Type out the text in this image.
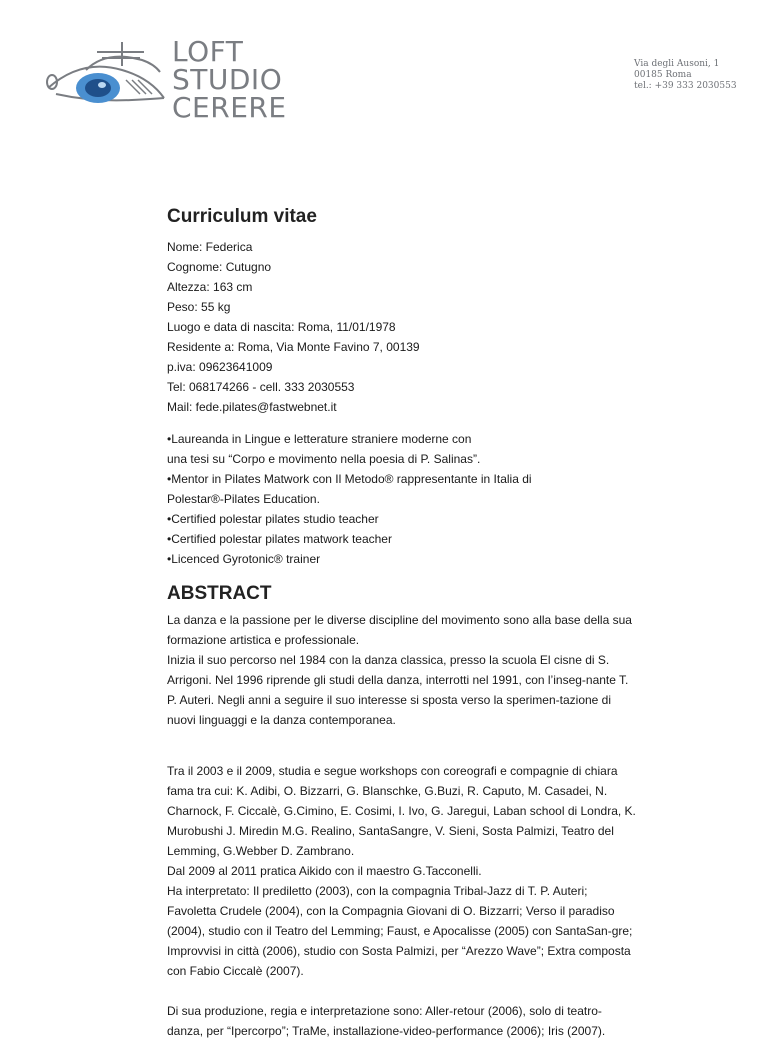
LOFT
STUDIO
CERERE
Via degli Ausoni, 1
00185 Roma
tel.: +39 333 2030553
Curriculum vitae

Nome: Federica

Cognome: Cutugno

Altezza: 163 cm

Peso: 55 kg

Luogo e data di nascita: Roma, 11/01/1978

Residente a: Roma, Via Monte Favino 7, 00139

p.iva: 09623641009

Tel: 068174266 - cell. 333 2030553

Mail: fede.pilates@fastwebnet.it

•Laureanda in Lingue e letterature straniere moderne con

una tesi su “Corpo e movimento nella poesia di P. Salinas”.

•Mentor in Pilates Matwork con Il Metodo® rappresentante in Italia di

Polestar®-Pilates Education.

•Certified polestar pilates studio teacher

•Certified polestar pilates matwork teacher

•Licenced Gyrotonic® trainer

ABSTRACT

La danza e la passione per le diverse discipline del movimento sono alla base della sua formazione artistica e professionale.

Inizia il suo percorso nel 1984 con la danza classica, presso la scuola El cisne di S. Arrigoni. Nel 1996 riprende gli studi della danza, interrotti nel 1991, con l’inseg-nante T. P. Auteri. Negli anni a seguire il suo interesse si sposta verso la sperimen-tazione di nuovi linguaggi e la danza contemporanea.

Tra il 2003 e il 2009, studia e segue workshops con coreografi e compagnie di chiara fama tra cui: K. Adibi, O. Bizzarri, G. Blanschke, G.Buzi, R. Caputo, M. Casadei, N. Charnock, F. Ciccalè, G.Cimino, E. Cosimi, I. Ivo, G. Jaregui, Laban school di Londra, K. Murobushi J. Miredin M.G. Realino, SantaSangre, V. Sieni, Sosta Palmizi, Teatro del Lemming, G.Webber D. Zambrano.

Dal 2009 al 2011 pratica Aikido con il maestro G.Tacconelli.

Ha interpretato: Il prediletto (2003), con la compagnia Tribal-Jazz di T. P. Auteri; Favoletta Crudele (2004), con la Compagnia Giovani di O. Bizzarri; Verso il paradiso (2004), studio con il Teatro del Lemming; Faust, e Apocalisse (2005) con SantaSan-gre; Improvvisi in città (2006), studio con Sosta Palmizi, per “Arezzo Wave”; Extra composta con Fabio Ciccalè (2007).

Di sua produzione, regia e interpretazione sono: Aller-retour (2006), solo di teatro-danza, per “Ipercorpo”; TraMe, installazione-video-performance (2006); Iris (2007).
